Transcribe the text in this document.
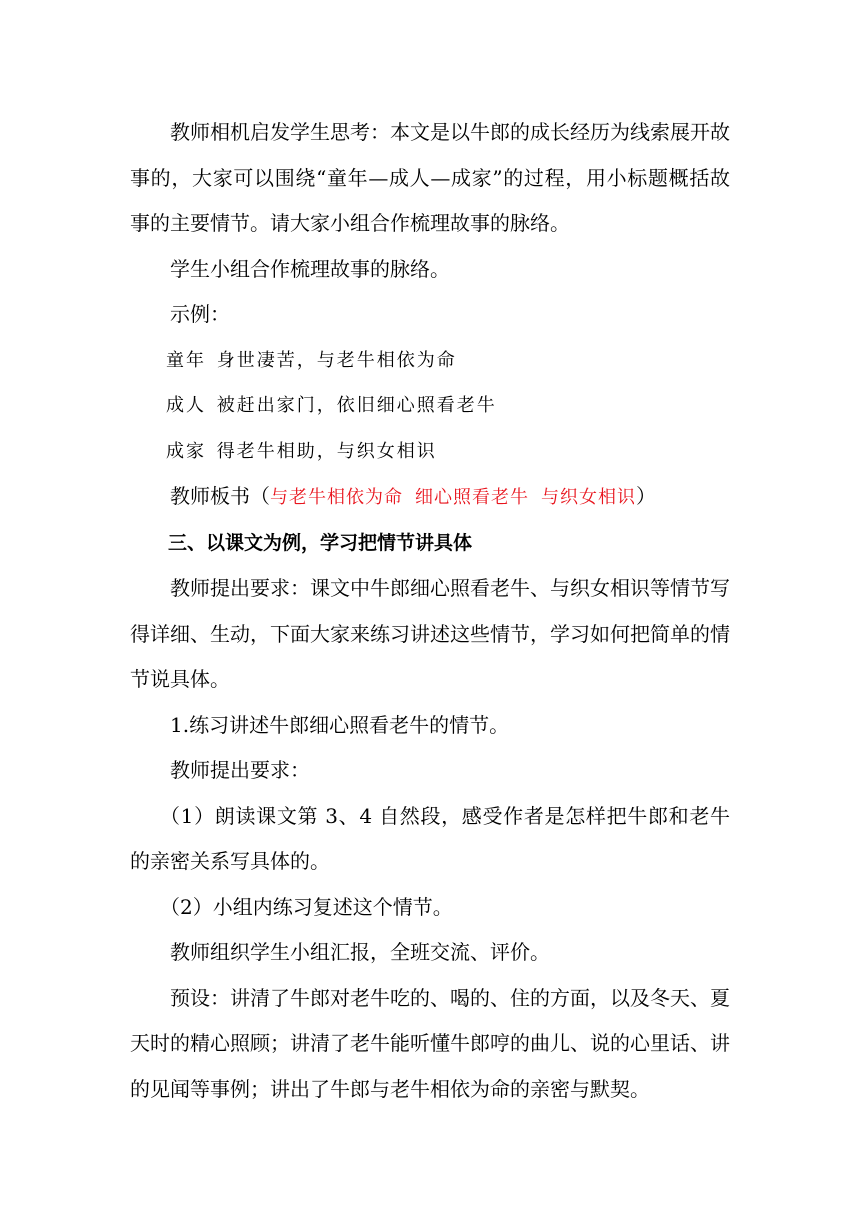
教师相机启发学生思考：本文是以牛郎的成长经历为线索展开故事的，大家可以围绕“童年—成人—成家”的过程，用小标题概括故事的主要情节。请大家小组合作梳理故事的脉络。

学生小组合作梳理故事的脉络。

示例：

童年 身世凄苦，与老牛相依为命

成人 被赶出家门，依旧细心照看老牛

成家 得老牛相助，与织女相识

教师板书（与老牛相依为命 细心照看老牛 与织女相识）

三、以课文为例，学习把情节讲具体

教师提出要求：课文中牛郎细心照看老牛、与织女相识等情节写得详细、生动，下面大家来练习讲述这些情节，学习如何把简单的情节说具体。

1.练习讲述牛郎细心照看老牛的情节。

教师提出要求：

（1）朗读课文第 3、4 自然段，感受作者是怎样把牛郎和老牛的亲密关系写具体的。

（2）小组内练习复述这个情节。

教师组织学生小组汇报，全班交流、评价。

预设：讲清了牛郎对老牛吃的、喝的、住的方面，以及冬天、夏天时的精心照顾；讲清了老牛能听懂牛郎哼的曲儿、说的心里话、讲的见闻等事例；讲出了牛郎与老牛相依为命的亲密与默契。
